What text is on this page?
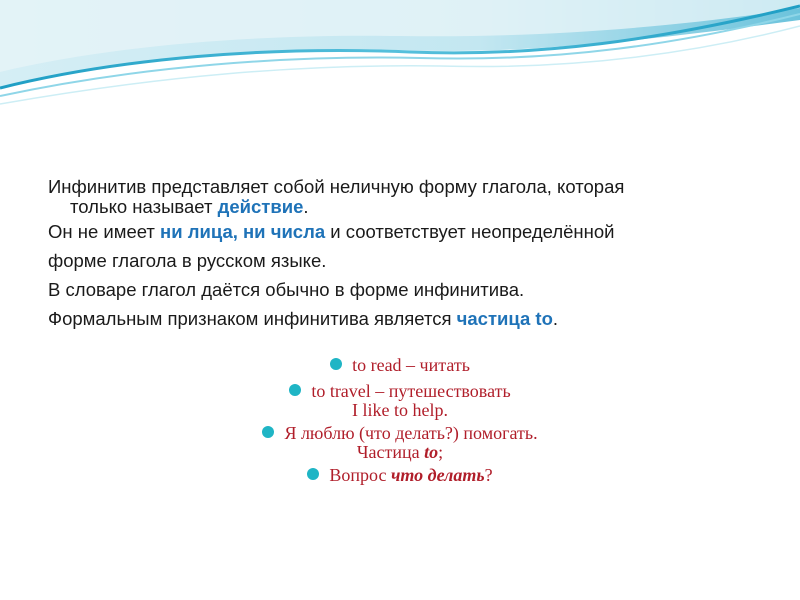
Инфинитив представляет собой неличную форму глагола, которая
только называет действие.

Он не имеет ни лица, ни числа и соответствует неопределённой

форме глагола в русском языке.

В словаре глагол даётся обычно в форме инфинитива.

Формальным признаком инфинитива является частица to.

to read – читать
to travel – путешествовать
I like to help.
Я люблю (что делать?) помогать.
Частица to;
Вопрос что делать?
